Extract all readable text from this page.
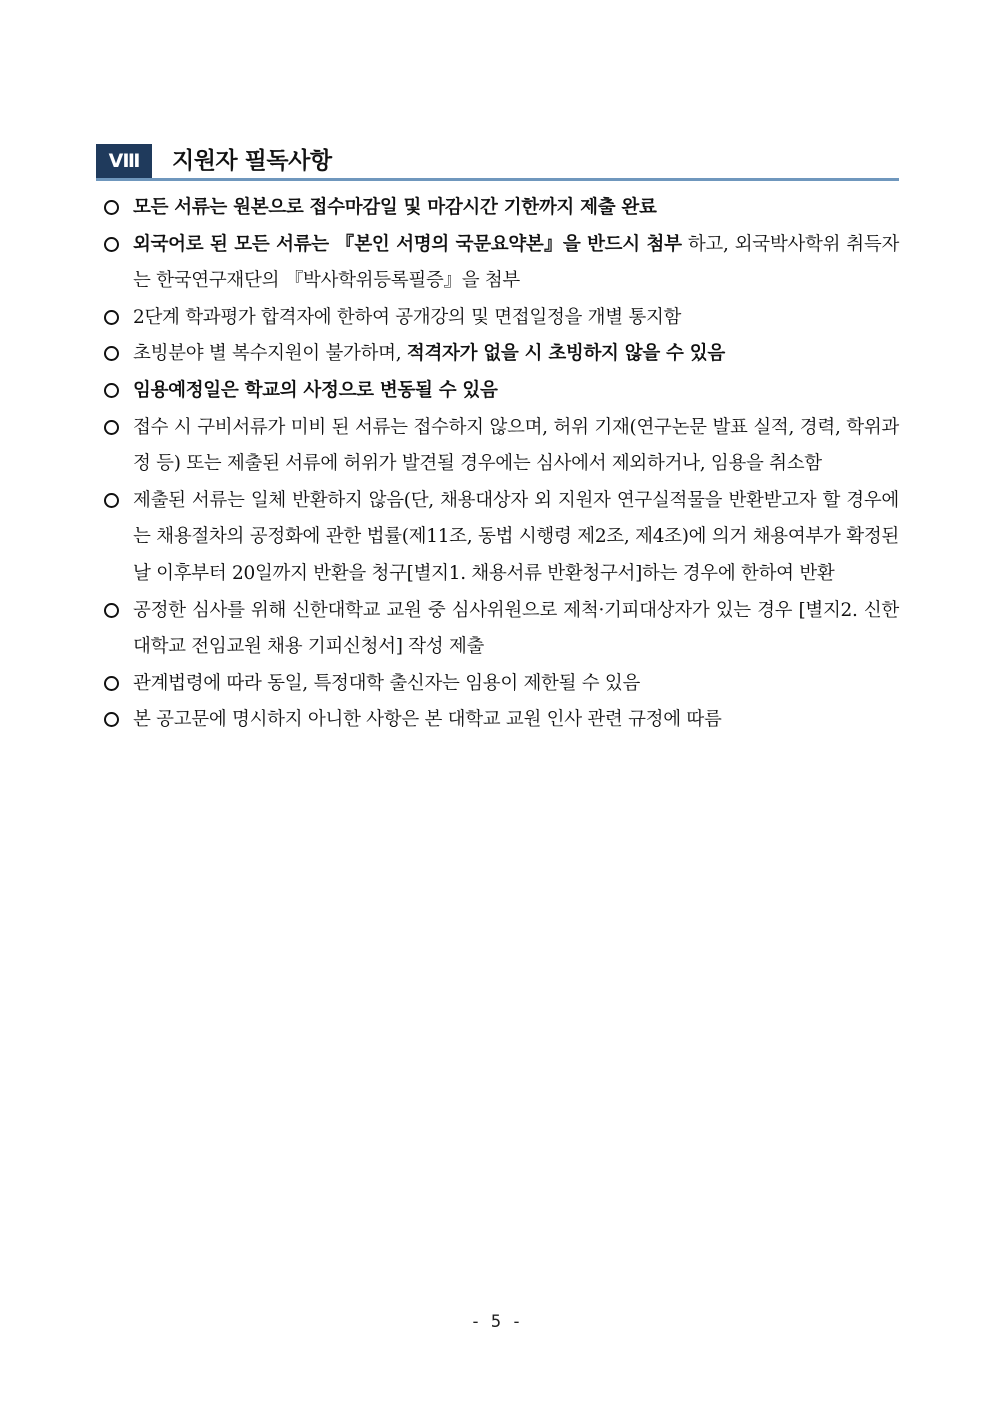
Ⅷ	지원자 필독사항
모든 서류는 원본으로 접수마감일 및 마감시간 기한까지 제출 완료
외국어로 된 모든 서류는 『본인 서명의 국문요약본』을 반드시 첨부 하고, 외국박사학위 취득자는 한국연구재단의 『박사학위등록필증』을 첨부
2단계 학과평가 합격자에 한하여 공개강의 및 면접일정을 개별 통지함
초빙분야 별 복수지원이 불가하며, 적격자가 없을 시 초빙하지 않을 수 있음
임용예정일은 학교의 사정으로 변동될 수 있음
접수 시 구비서류가 미비 된 서류는 접수하지 않으며, 허위 기재(연구논문 발표 실적, 경력, 학위과정 등) 또는 제출된 서류에 허위가 발견될 경우에는 심사에서 제외하거나, 임용을 취소함
제출된 서류는 일체 반환하지 않음(단, 채용대상자 외 지원자 연구실적물을 반환받고자 할 경우에는 채용절차의 공정화에 관한 법률(제11조, 동법 시행령 제2조, 제4조)에 의거 채용여부가 확정된 날 이후부터 20일까지 반환을 청구[별지1. 채용서류 반환청구서]하는 경우에 한하여 반환
공정한 심사를 위해 신한대학교 교원 중 심사위원으로 제척·기피대상자가 있는 경우 [별지2. 신한대학교 전임교원 채용 기피신청서] 작성 제출
관계법령에 따라 동일, 특정대학 출신자는 임용이 제한될 수 있음
본 공고문에 명시하지 아니한 사항은 본 대학교 교원 인사 관련 규정에 따름
- 5 -
